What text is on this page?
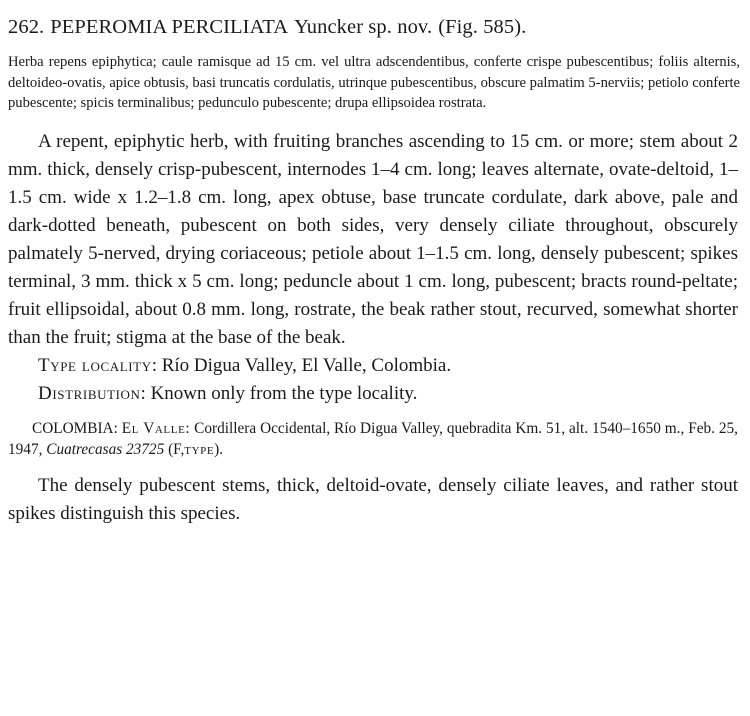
262. PEPEROMIA PERCILIATA Yuncker sp. nov. (Fig. 585).

Herba repens epiphytica; caule ramisque ad 15 cm. vel ultra adscendentibus, conferte crispe pubescentibus; foliis alternis, deltoideo-ovatis, apice obtusis, basi truncatis cordulatis, utrinque pubescentibus, obscure palmatim 5-nerviis; petiolo conferte pubescente; spicis terminalibus; pedunculo pubescente; drupa ellipsoidea rostrata.

A repent, epiphytic herb, with fruiting branches ascending to 15 cm. or more; stem about 2 mm. thick, densely crisp-pubescent, internodes 1–4 cm. long; leaves alternate, ovate-deltoid, 1–1.5 cm. wide x 1.2–1.8 cm. long, apex obtuse, base truncate cordulate, dark above, pale and dark-dotted beneath, pubescent on both sides, very densely ciliate throughout, obscurely palmately 5-nerved, drying coriaceous; petiole about 1–1.5 cm. long, densely pubescent; spikes terminal, 3 mm. thick x 5 cm. long; peduncle about 1 cm. long, pubescent; bracts round-peltate; fruit ellipsoidal, about 0.8 mm. long, rostrate, the beak rather stout, recurved, somewhat shorter than the fruit; stigma at the base of the beak.

Type locality: Río Digua Valley, El Valle, Colombia.
Distribution: Known only from the type locality.

COLOMBIA: El Valle: Cordillera Occidental, Río Digua Valley, quebradita Km. 51, alt. 1540–1650 m., Feb. 25, 1947, Cuatrecasas 23725 (F,type).

The densely pubescent stems, thick, deltoid-ovate, densely ciliate leaves, and rather stout spikes distinguish this species.
